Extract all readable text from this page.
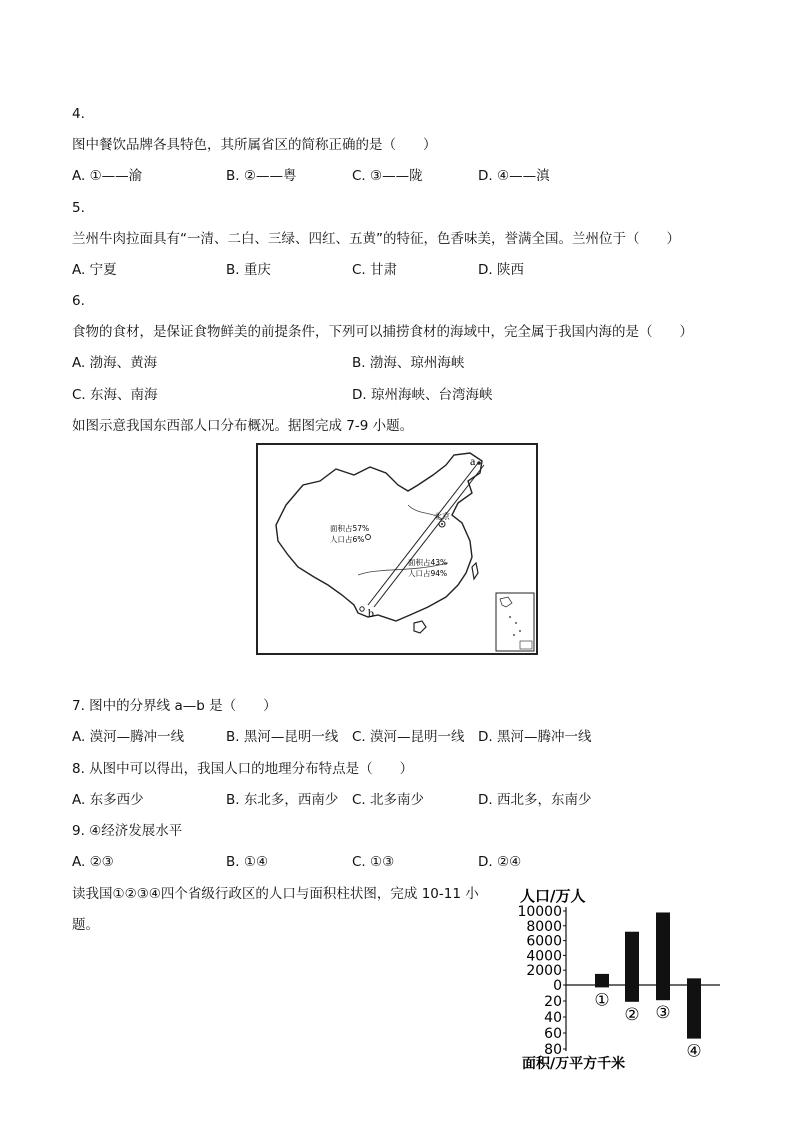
4.
图中餐饮品牌各具特色，其所属省区的简称正确的是（　　）
A. ①——渝	B. ②——粤	C. ③——陇	D. ④——滇
5.
兰州牛肉拉面具有“一清、二白、三绿、四红、五黄”的特征，色香味美，誉满全国。兰州位于（　　）
A. 宁夏	B. 重庆	C. 甘肃	D. 陕西
6.
食物的食材，是保证食物鲜美的前提条件，下列可以捕捞食材的海域中，完全属于我国内海的是（　　）
A. 渤海、黄海	B. 渤海、琼州海峡
C. 东海、南海	D. 琼州海峡、台湾海峡
如图示意我国东西部人口分布概况。据图完成 7-9 小题。
a
b
北京
面积占57%
人口占6%
面积占43%
人口占94%
7. 图中的分界线 a—b 是（　　）
A. 漠河—腾冲一线	B. 黑河—昆明一线 C. 漠河—昆明一线 D. 黑河—腾冲一线
8. 从图中可以得出，我国人口的地理分布特点是（　　）
A. 东多西少	B. 东北多，西南少 C. 北多南少	D. 西北多，东南少
9. ④经济发展水平
A. ②③	B. ①④	C. ①③	D. ②④
读我国①②③④四个省级行政区的人口与面积柱状图，完成 10-11 小
题。
人口/万人
面积/万平方千米
10000
8000
6000
4000
2000
0
20
40
60
80
①
② ③
④
